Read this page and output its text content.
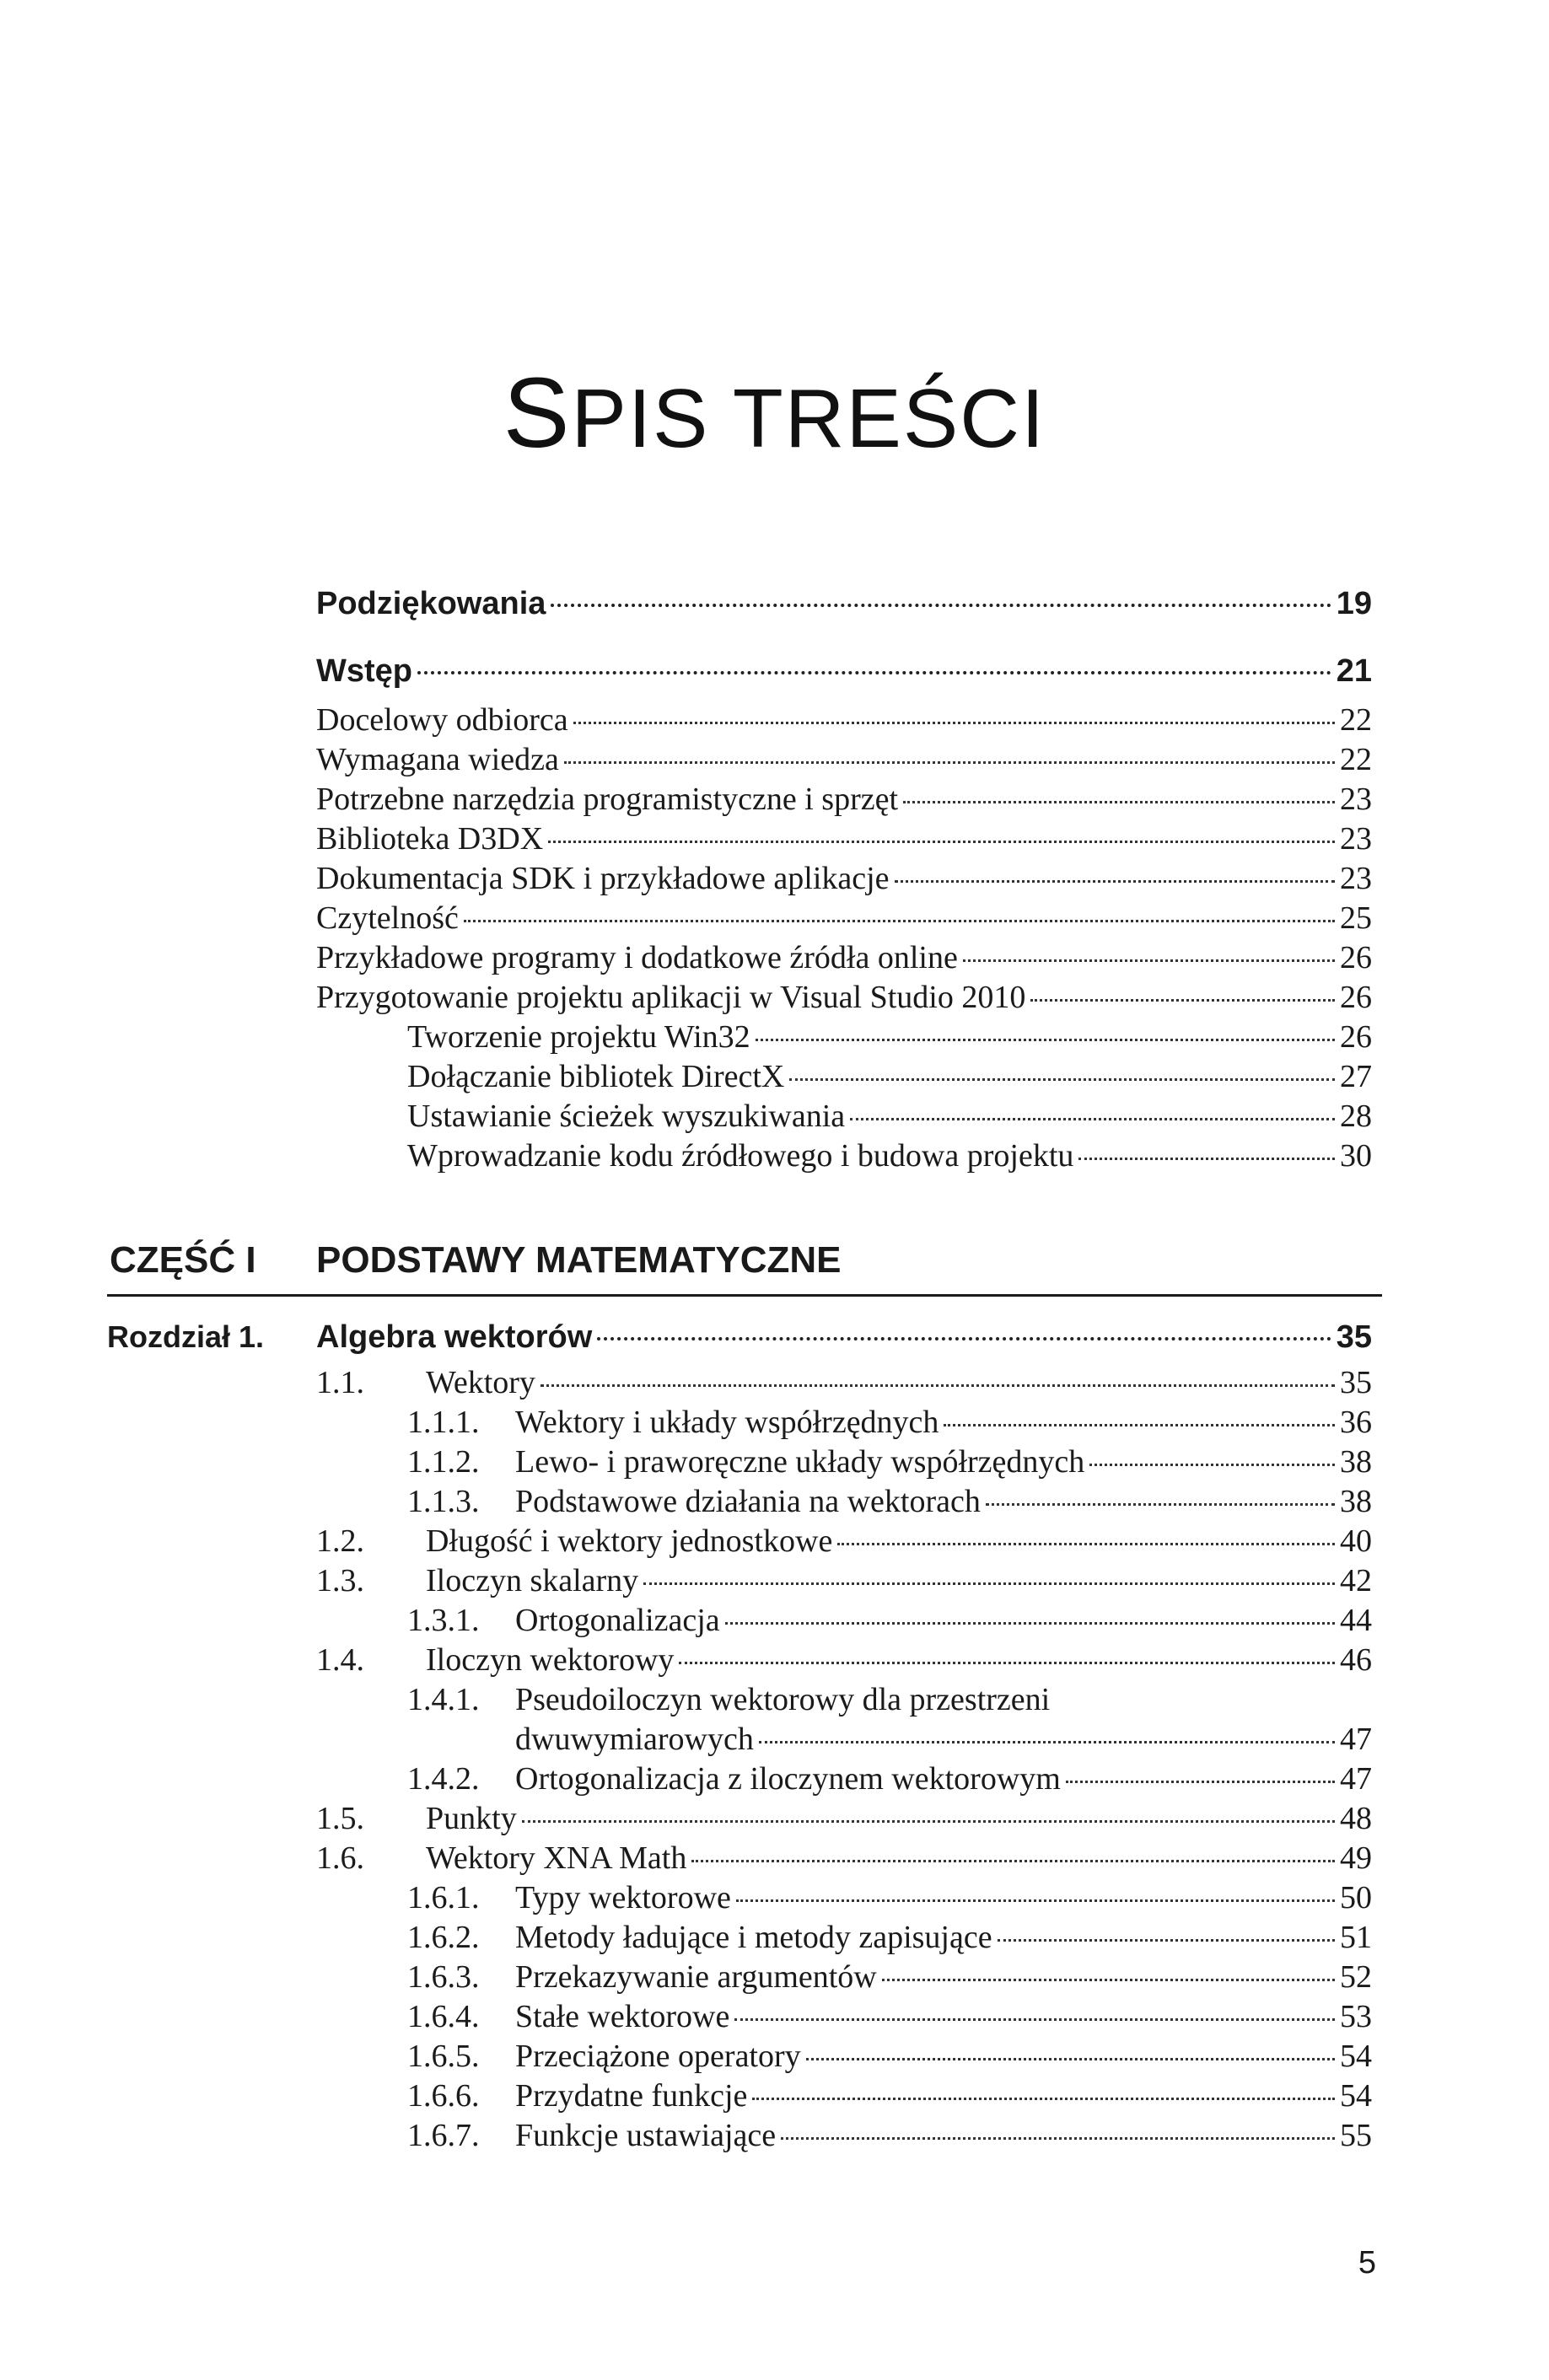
SPIS TREŚCI
Podziękowania	19
Wstęp	21
Docelowy odbiorca	22
Wymagana wiedza	22
Potrzebne narzędzia programistyczne i sprzęt	23
Biblioteka D3DX	23
Dokumentacja SDK i przykładowe aplikacje	23
Czytelność	25
Przykładowe programy i dodatkowe źródła online	26
Przygotowanie projektu aplikacji w Visual Studio 2010	26
Tworzenie projektu Win32	26
Dołączanie bibliotek DirectX	27
Ustawianie ścieżek wyszukiwania	28
Wprowadzanie kodu źródłowego i budowa projektu	30
CZĘŚĆ I PODSTAWY MATEMATYCZNE
Rozdział 1. Algebra wektorów	35
1.1.	Wektory	35
1.1.1.	Wektory i układy współrzędnych	36
1.1.2.	Lewo- i praworęczne układy współrzędnych	38
1.1.3.	Podstawowe działania na wektorach	38
1.2.	Długość i wektory jednostkowe	40
1.3.	Iloczyn skalarny	42
1.3.1.	Ortogonalizacja	44
1.4.	Iloczyn wektorowy	46
1.4.1.	Pseudoiloczyn wektorowy dla przestrzeni
dwuwymiarowych	47
1.4.2.	Ortogonalizacja z iloczynem wektorowym	47
1.5.	Punkty	48
1.6.	Wektory XNA Math	49
1.6.1.	Typy wektorowe	50
1.6.2.	Metody ładujące i metody zapisujące	51
1.6.3.	Przekazywanie argumentów	52
1.6.4.	Stałe wektorowe	53
1.6.5.	Przeciążone operatory	54
1.6.6.	Przydatne funkcje	54
1.6.7.	Funkcje ustawiające	55
5
